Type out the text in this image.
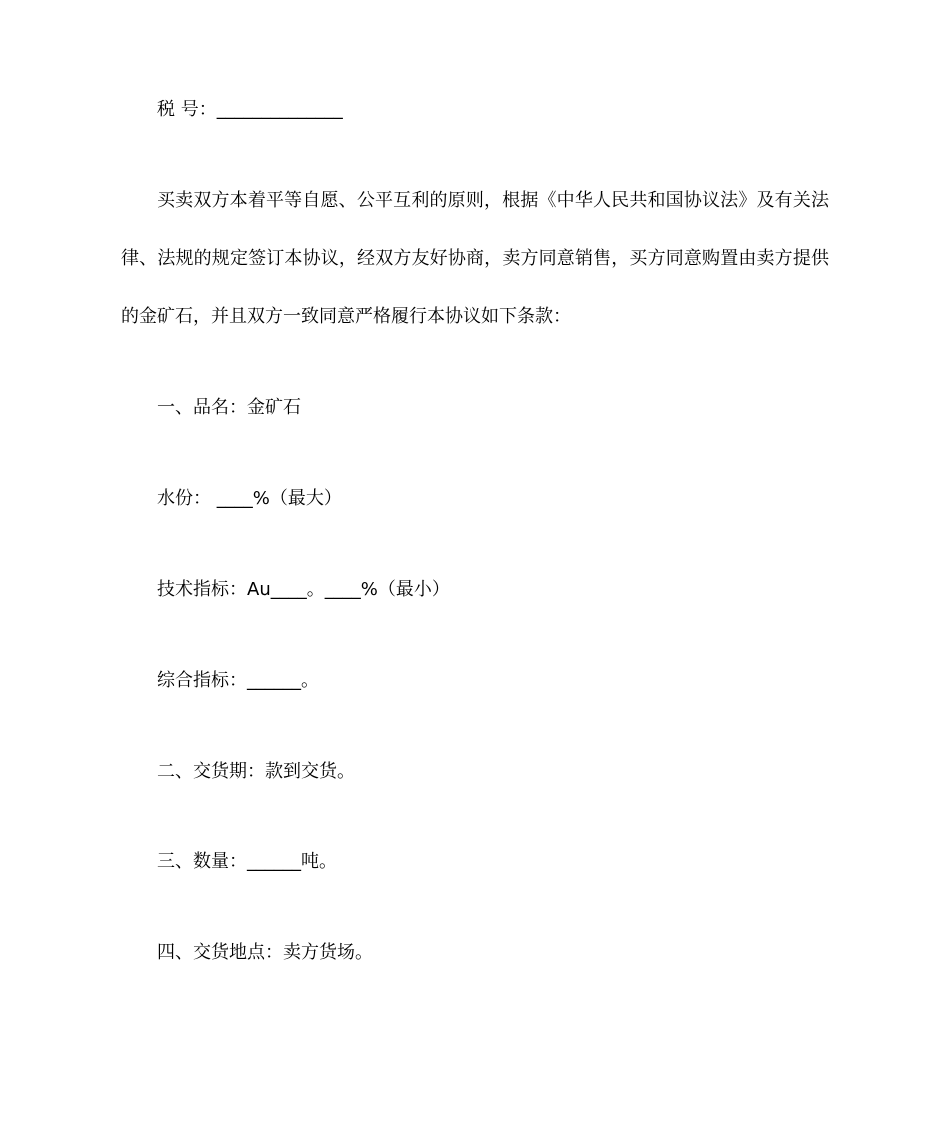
税 号：______________
买卖双方本着平等自愿、公平互利的原则，根据《中华人民共和国协议法》及有关法
律、法规的规定签订本协议，经双方友好协商，卖方同意销售，买方同意购置由卖方提供
的金矿石，并且双方一致同意严格履行本协议如下条款：
一、品名：金矿石
水份： ____%（最大）
技术指标：Au____。____%（最小）
综合指标：______。
二、交货期：款到交货。
三、数量：______吨。
四、交货地点：卖方货场。
